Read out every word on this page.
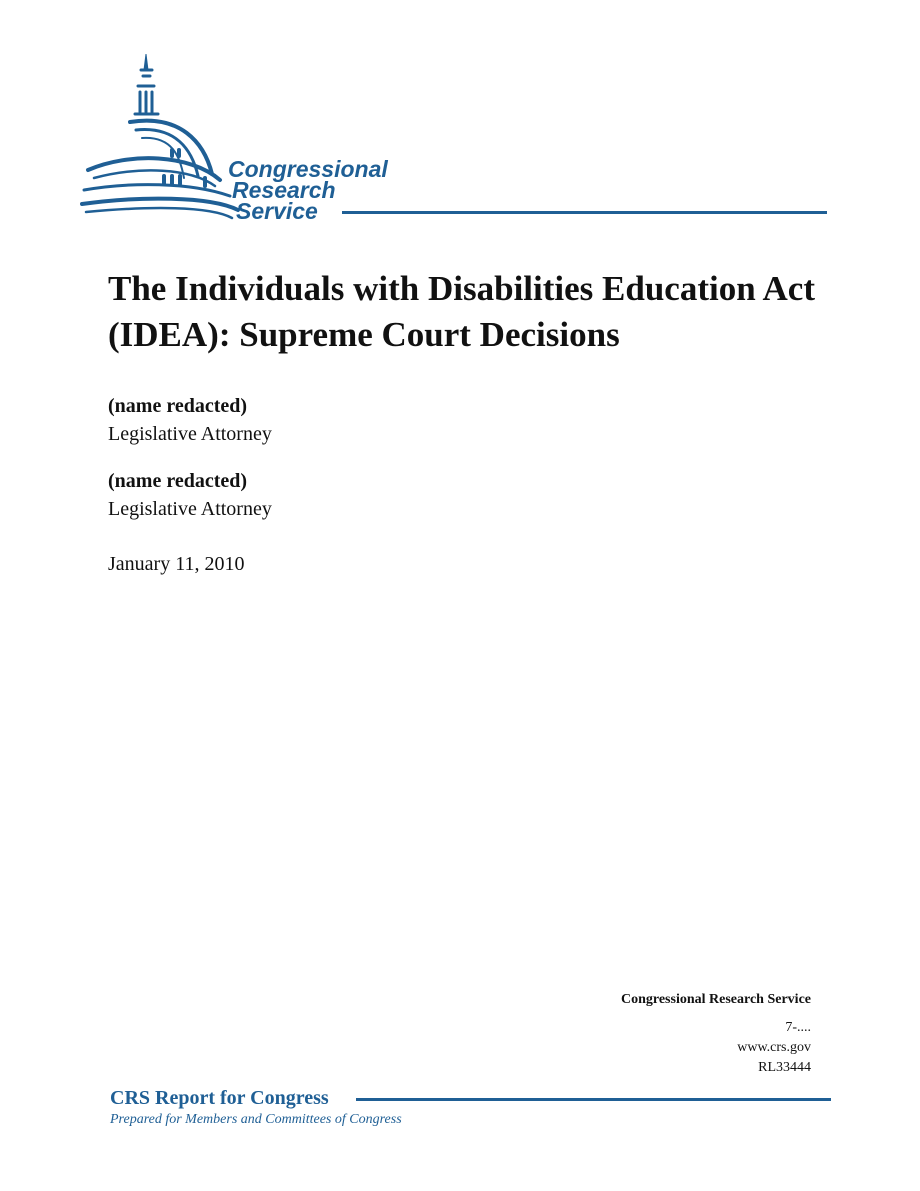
Congressional
Research
Service
The Individuals with Disabilities Education Act (IDEA): Supreme Court Decisions
(name redacted)
Legislative Attorney
(name redacted)
Legislative Attorney
January 11, 2010
Congressional Research Service
7-....
www.crs.gov
RL33444
CRS Report for Congress
Prepared for Members and Committees of Congress
